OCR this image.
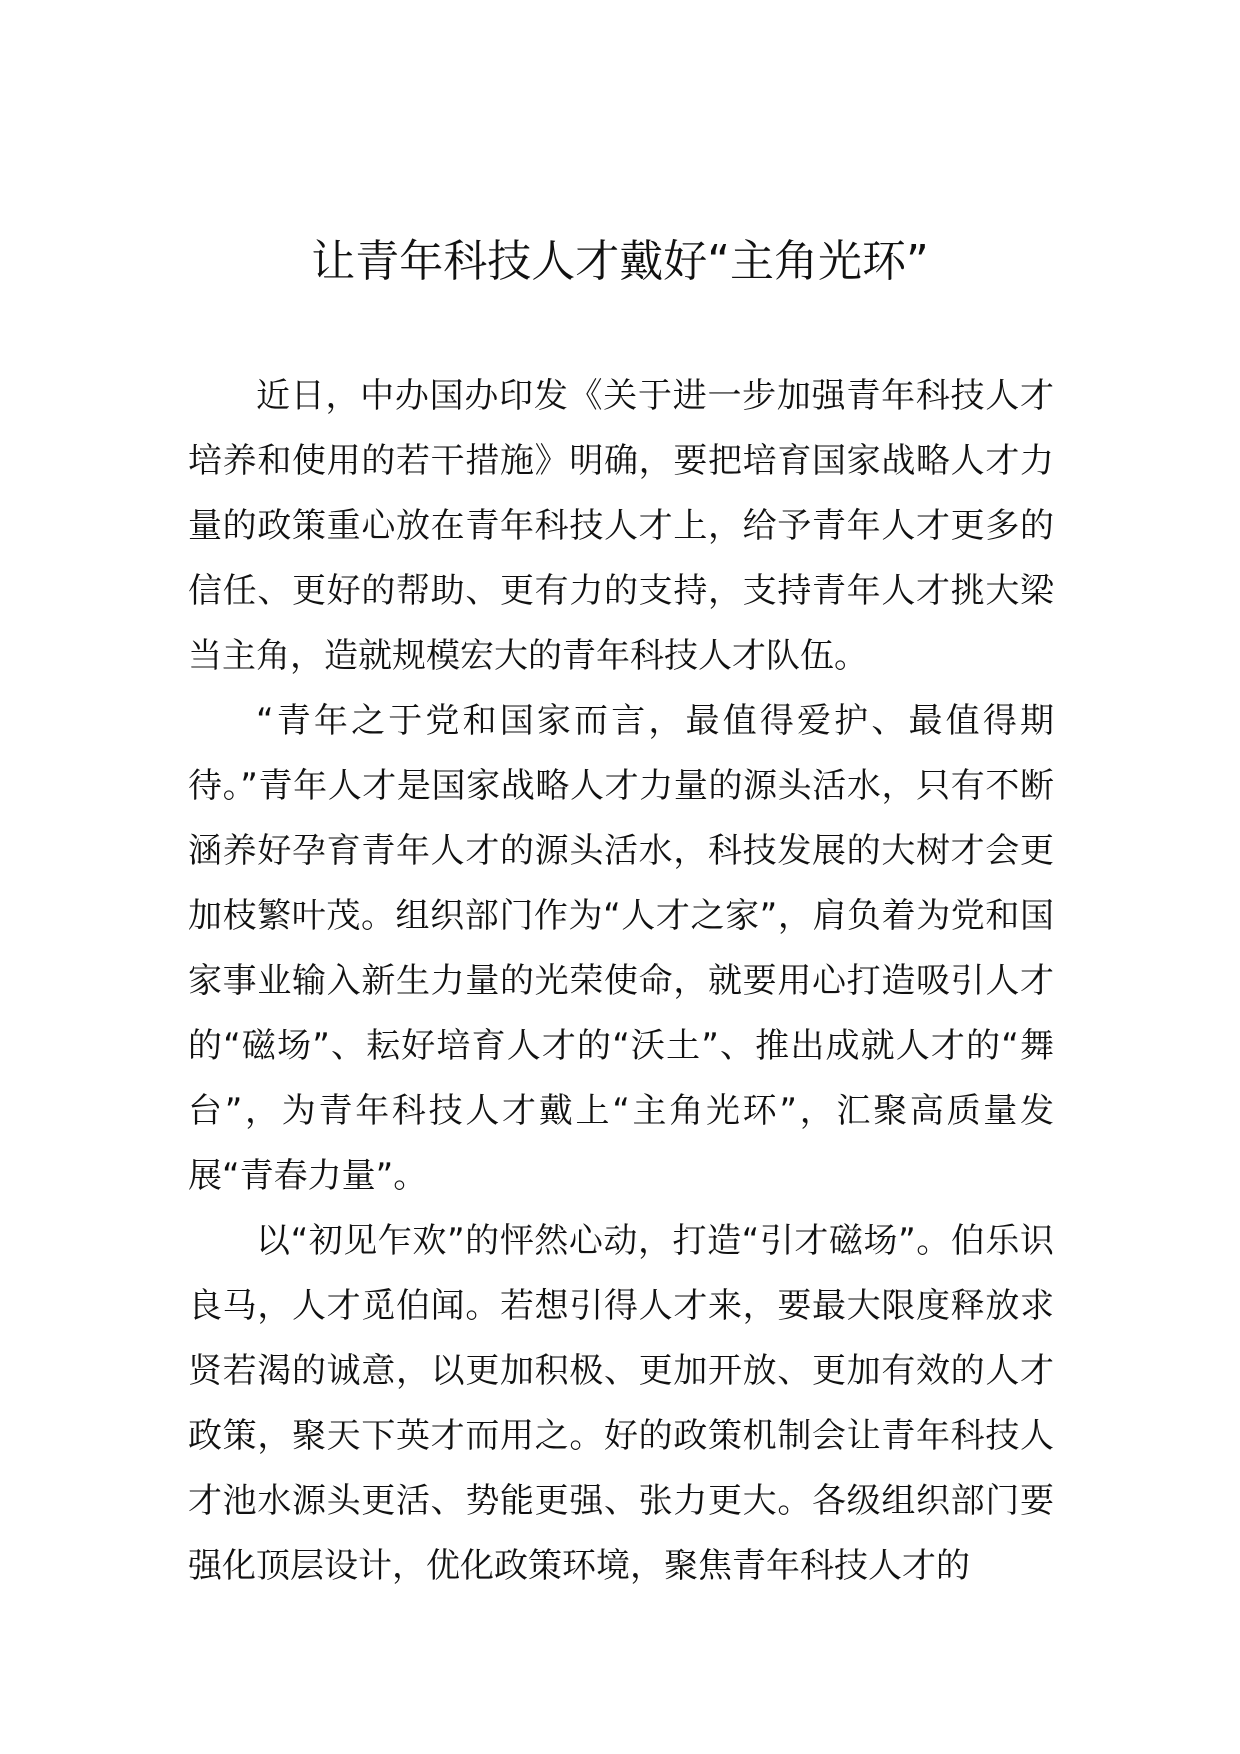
让青年科技人才戴好“主角光环”

近日，中办国办印发《关于进一步加强青年科技人才培养和使用的若干措施》明确，要把培育国家战略人才力量的政策重心放在青年科技人才上，给予青年人才更多的信任、更好的帮助、更有力的支持，支持青年人才挑大梁当主角，造就规模宏大的青年科技人才队伍。

“青年之于党和国家而言，最值得爱护、最值得期待。”青年人才是国家战略人才力量的源头活水，只有不断涵养好孕育青年人才的源头活水，科技发展的大树才会更加枝繁叶茂。组织部门作为“人才之家”，肩负着为党和国家事业输入新生力量的光荣使命，就要用心打造吸引人才的“磁场”、耘好培育人才的“沃土”、推出成就人才的“舞台”，为青年科技人才戴上“主角光环”，汇聚高质量发展“青春力量”。

以“初见乍欢”的怦然心动，打造“引才磁场”。伯乐识良马，人才觅伯闻。若想引得人才来，要最大限度释放求贤若渴的诚意，以更加积极、更加开放、更加有效的人才政策，聚天下英才而用之。好的政策机制会让青年科技人才池水源头更活、势能更强、张力更大。各级组织部门要强化顶层设计，优化政策环境，聚焦青年科技人才的
